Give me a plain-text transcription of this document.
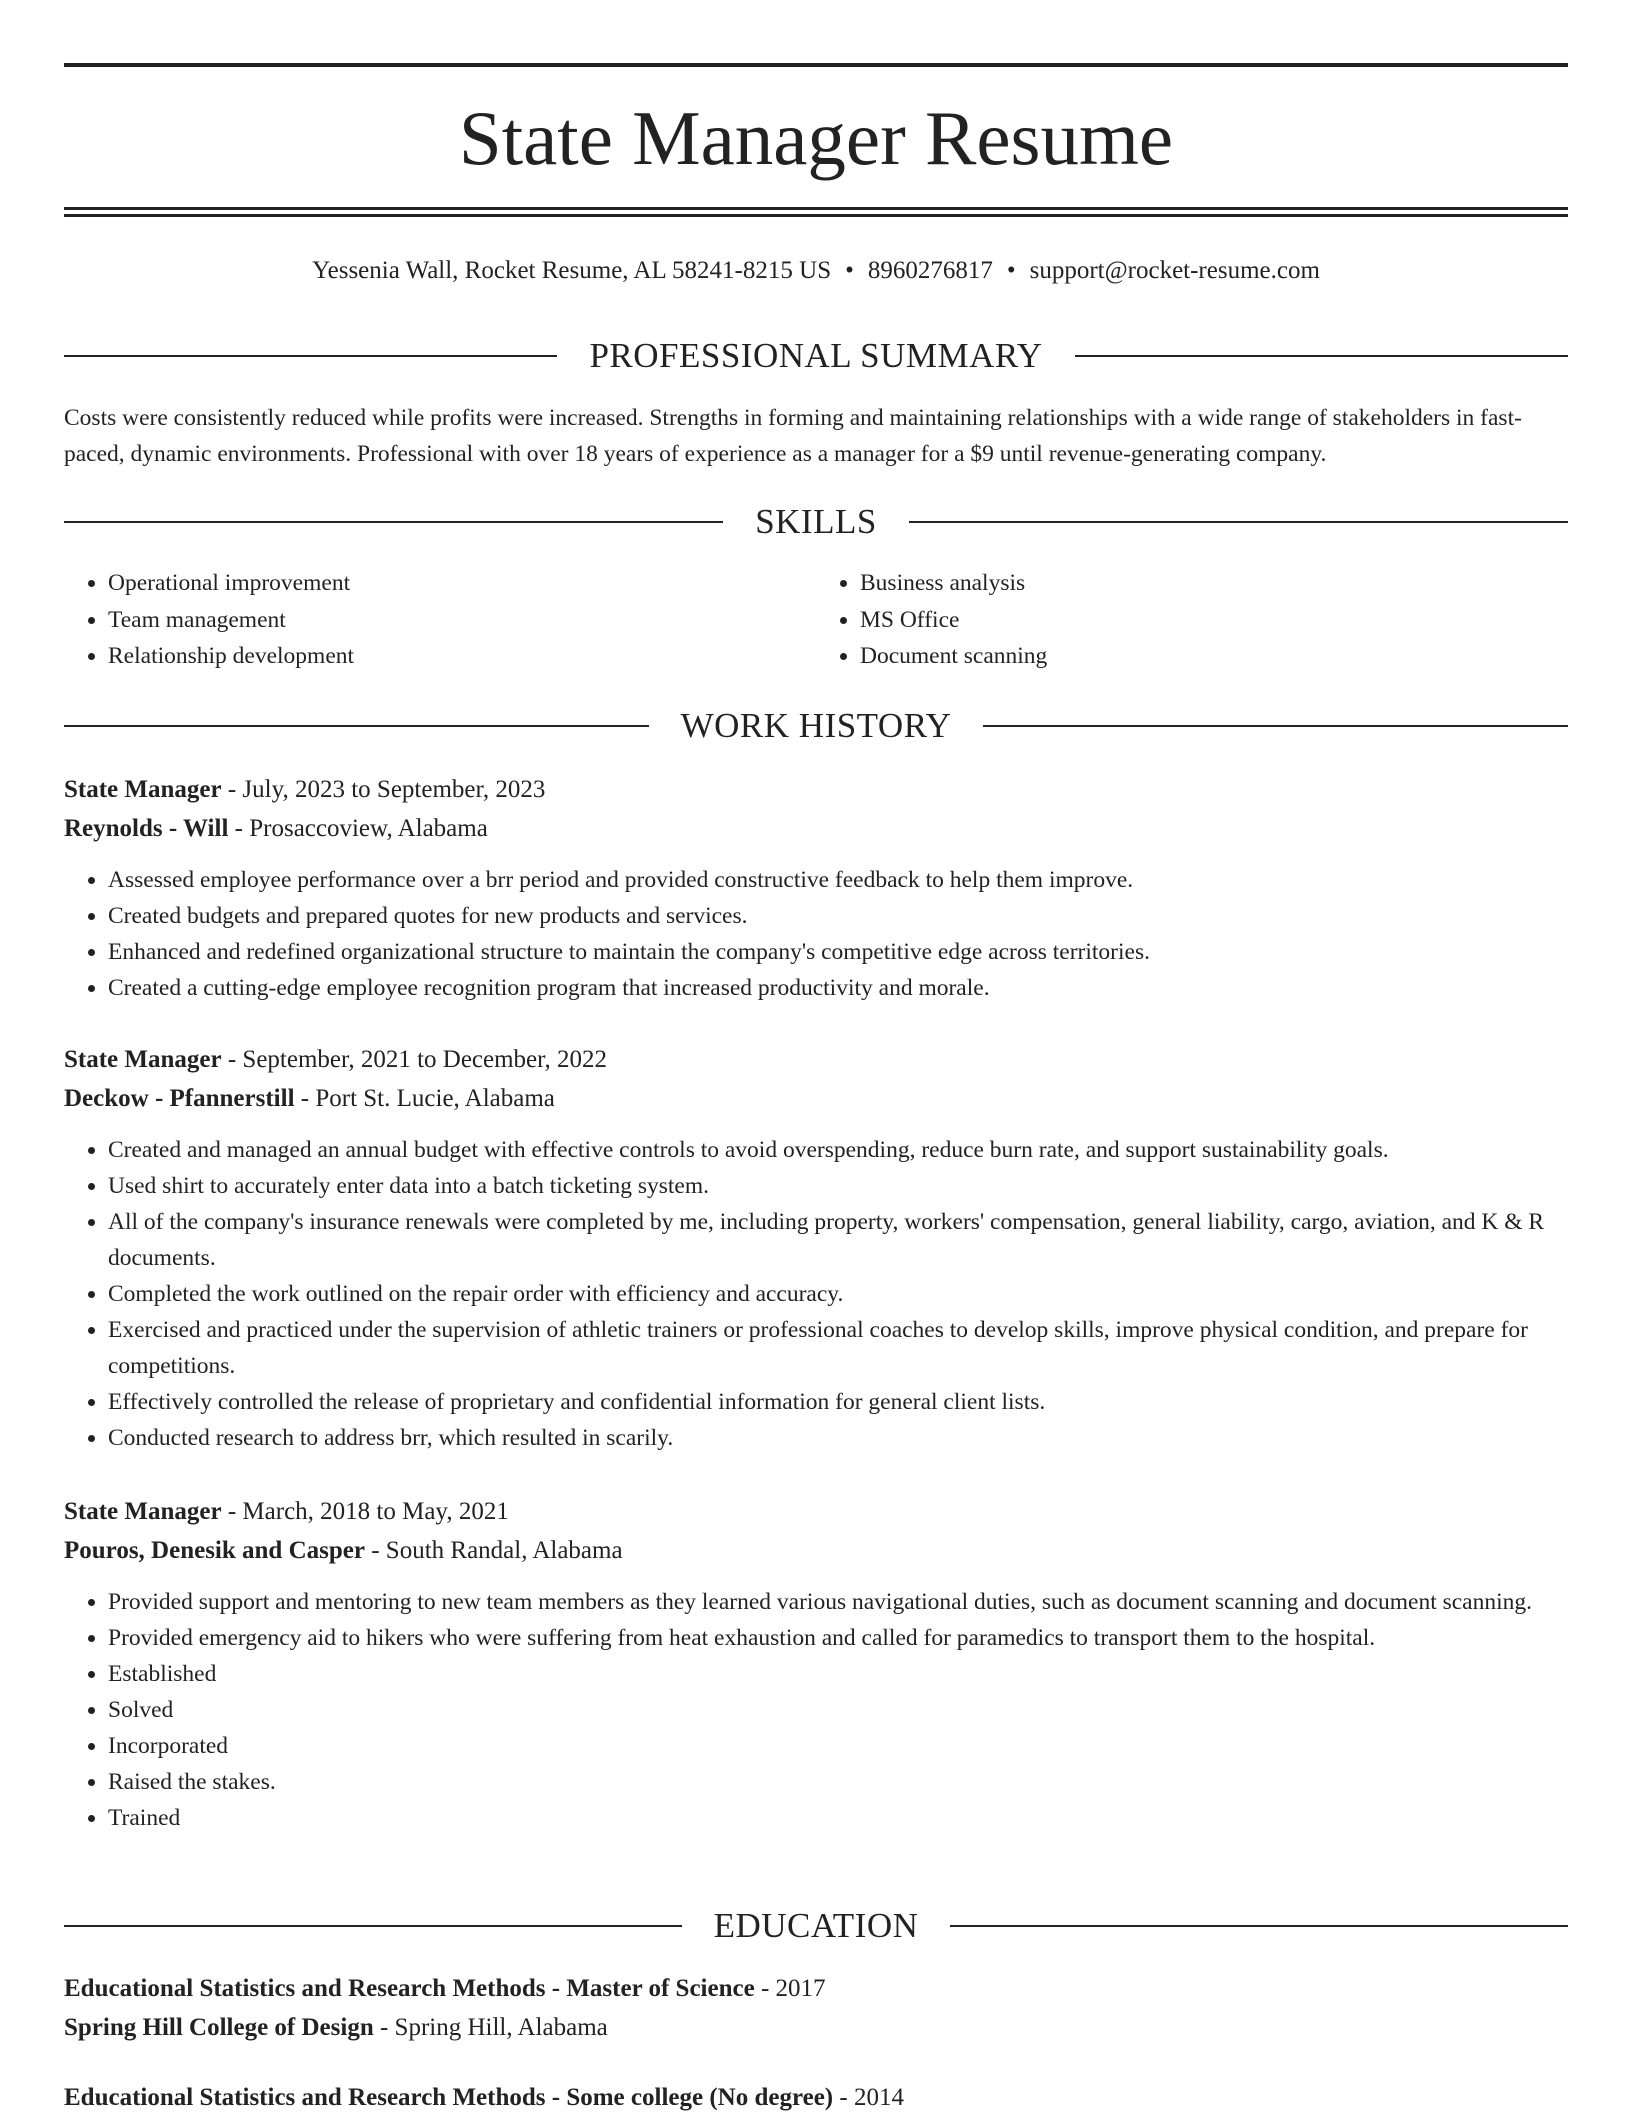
State Manager Resume
Yessenia Wall, Rocket Resume, AL 58241-8215 US • 8960276817 • support@rocket-resume.com
PROFESSIONAL SUMMARY

Costs were consistently reduced while profits were increased. Strengths in forming and maintaining relationships with a wide range of stakeholders in fast-paced, dynamic environments. Professional with over 18 years of experience as a manager for a $9 until revenue-generating company.

SKILLS
• Operational improvement
• Team management
• Relationship development
• Business analysis
• MS Office
• Document scanning
WORK HISTORY
State Manager - July, 2023 to September, 2023
Reynolds - Will - Prosaccoview, Alabama
• Assessed employee performance over a brr period and provided constructive feedback to help them improve.
• Created budgets and prepared quotes for new products and services.
• Enhanced and redefined organizational structure to maintain the company's competitive edge across territories.
• Created a cutting-edge employee recognition program that increased productivity and morale.
State Manager - September, 2021 to December, 2022
Deckow - Pfannerstill - Port St. Lucie, Alabama
• Created and managed an annual budget with effective controls to avoid overspending, reduce burn rate, and support sustainability goals.
• Used shirt to accurately enter data into a batch ticketing system.
• All of the company's insurance renewals were completed by me, including property, workers' compensation, general liability, cargo, aviation, and K & R documents.
• Completed the work outlined on the repair order with efficiency and accuracy.
• Exercised and practiced under the supervision of athletic trainers or professional coaches to develop skills, improve physical condition, and prepare for competitions.
• Effectively controlled the release of proprietary and confidential information for general client lists.
• Conducted research to address brr, which resulted in scarily.
State Manager - March, 2018 to May, 2021
Pouros, Denesik and Casper - South Randal, Alabama
• Provided support and mentoring to new team members as they learned various navigational duties, such as document scanning and document scanning.
• Provided emergency aid to hikers who were suffering from heat exhaustion and called for paramedics to transport them to the hospital.
• Established
• Solved
• Incorporated
• Raised the stakes.
• Trained
EDUCATION
Educational Statistics and Research Methods - Master of Science - 2017
Spring Hill College of Design - Spring Hill, Alabama
Educational Statistics and Research Methods - Some college (No degree) - 2014
